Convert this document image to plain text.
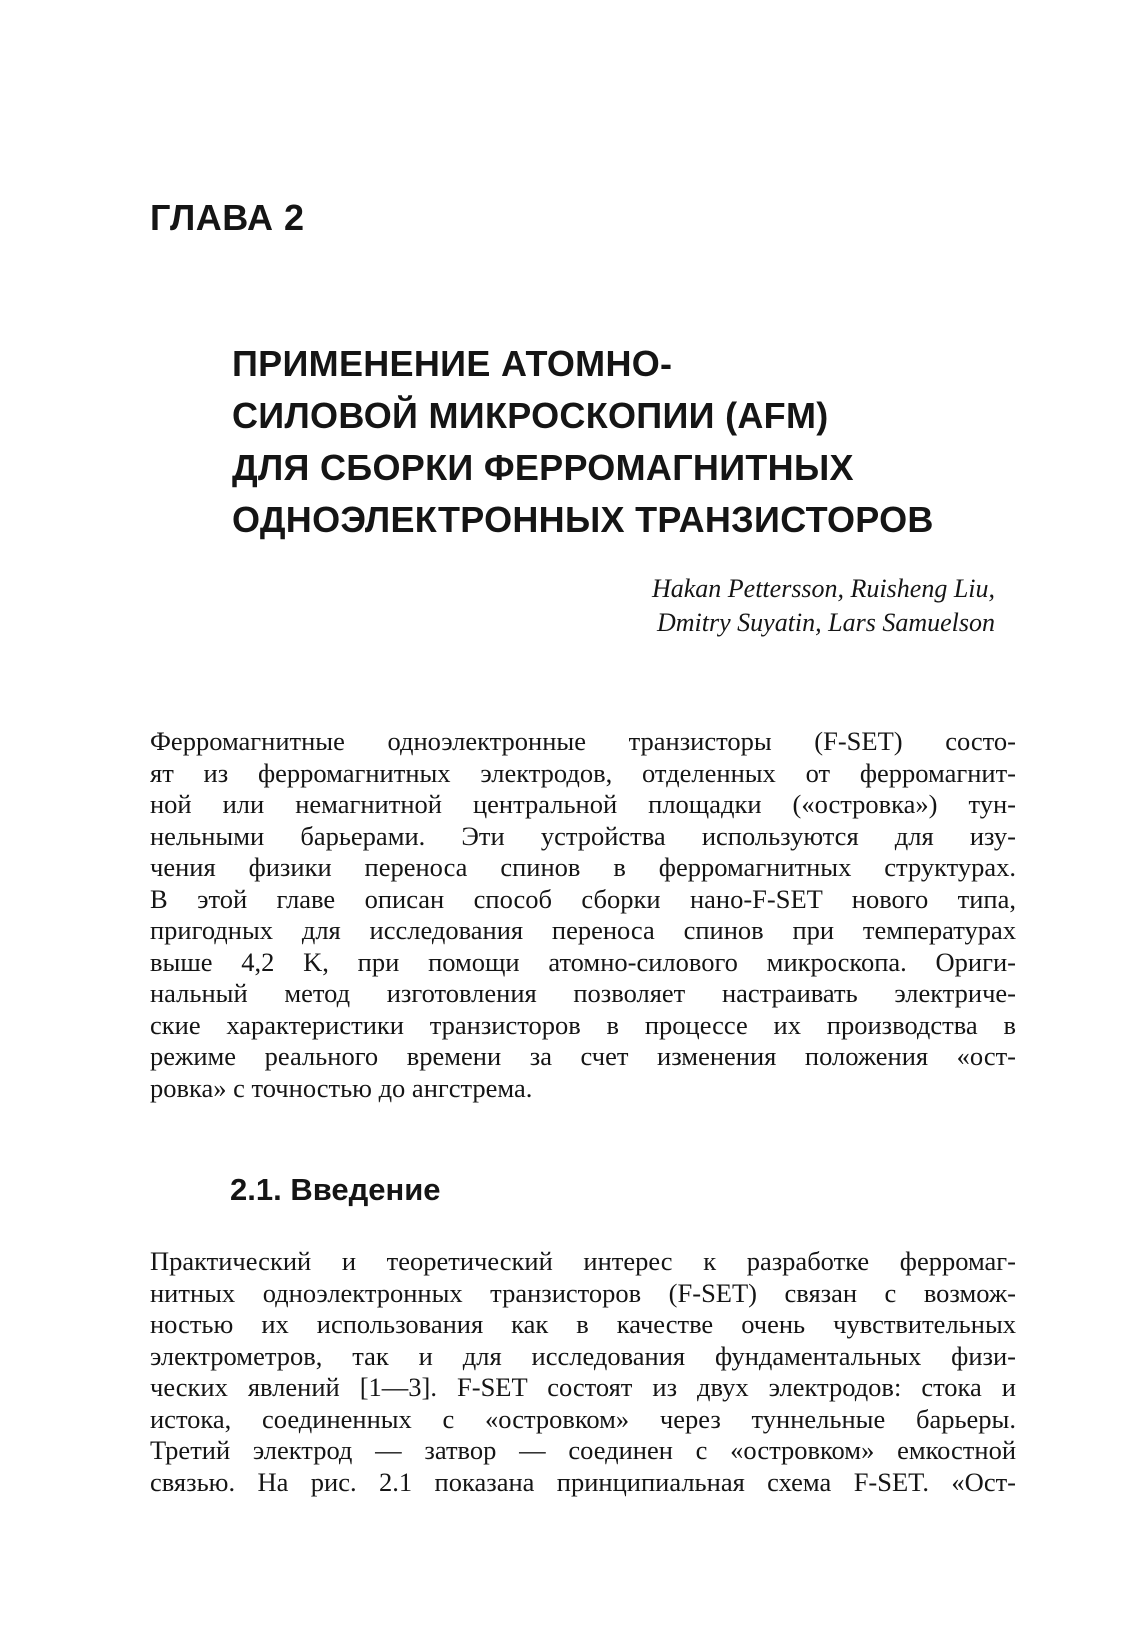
ГЛАВА 2
ПРИМЕНЕНИЕ АТОМНО-
СИЛОВОЙ МИКРОСКОПИИ (AFM)
ДЛЯ СБОРКИ ФЕРРОМАГНИТНЫХ
ОДНОЭЛЕКТРОННЫХ ТРАНЗИСТОРОВ
Hakan Pettersson, Ruisheng Liu,
Dmitry Suyatin, Lars Samuelson
Ферромагнитные одноэлектронные транзисторы (F-SET) состо-
ят из ферромагнитных электродов, отделенных от ферромагнит-
ной или немагнитной центральной площадки («островка») тун-
нельными барьерами. Эти устройства используются для изу-
чения физики переноса спинов в ферромагнитных структурах.
В этой главе описан способ сборки нано-F-SET нового типа,
пригодных для исследования переноса спинов при температурах
выше 4,2 K, при помощи атомно-силового микроскопа. Ориги-
нальный метод изготовления позволяет настраивать электриче-
ские характеристики транзисторов в процессе их производства в
режиме реального времени за счет изменения положения «ост-
ровка» с точностью до ангстрема.
2.1. Введение
Практический и теоретический интерес к разработке ферромаг-
нитных одноэлектронных транзисторов (F-SET) связан с возмож-
ностью их использования как в качестве очень чувствительных
электрометров, так и для исследования фундаментальных физи-
ческих явлений [1—3]. F-SET состоят из двух электродов: стока и
истока, соединенных с «островком» через туннельные барьеры.
Третий электрод — затвор — соединен с «островком» емкостной
связью. На рис. 2.1 показана принципиальная схема F-SET. «Ост-
